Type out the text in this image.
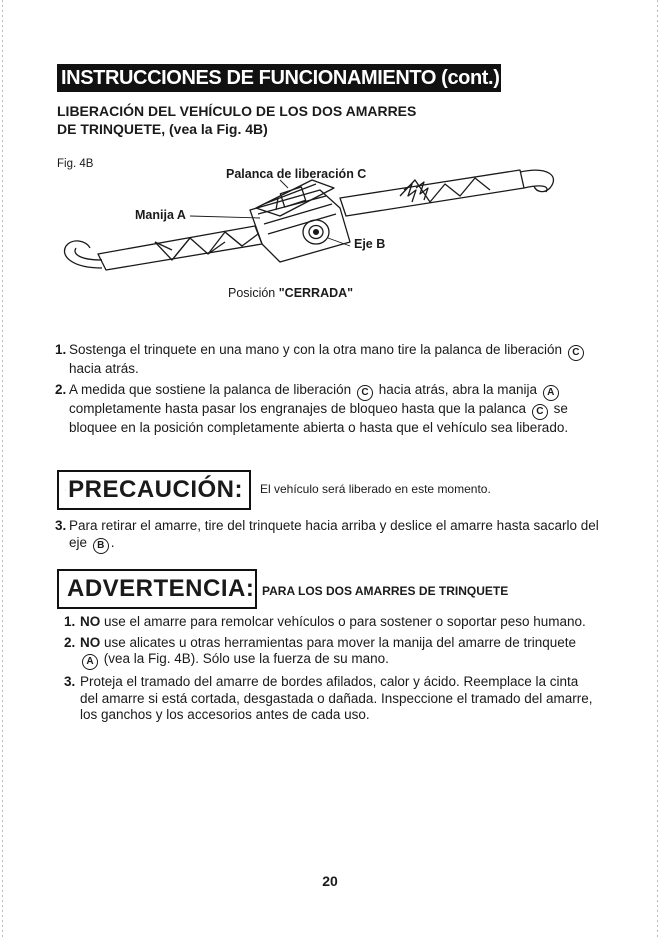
INSTRUCCIONES DE FUNCIONAMIENTO (cont.)
LIBERACIÓN DEL VEHÍCULO DE LOS DOS AMARRES
DE TRINQUETE, (vea la Fig. 4B)
Fig. 4B
Palanca de liberación C
Manija A
Eje B
Posición "CERRADA"
1. Sostenga el trinquete en una mano y con la otra mano tire la palanca de liberación C hacia atrás.
2. A medida que sostiene la palanca de liberación C hacia atrás, abra la manija A completamente hasta pasar los engranajes de bloqueo hasta que la palanca C se bloquee en la posición completamente abierta o hasta que el vehículo sea liberado.
PRECAUCIÓN: El vehículo será liberado en este momento.
3. Para retirar el amarre, tire del trinquete hacia arriba y deslice el amarre hasta sacarlo del eje B .
ADVERTENCIA: PARA LOS DOS AMARRES DE TRINQUETE
1. NO use el amarre para remolcar vehículos o para sostener o soportar peso humano.
2. NO use alicates u otras herramientas para mover la manija del amarre de trinquete A (vea la Fig. 4B). Sólo use la fuerza de su mano.
3. Proteja el tramado del amarre de bordes afilados, calor y ácido. Reemplace la cinta del amarre si está cortada, desgastada o dañada. Inspeccione el tramado del amarre, los ganchos y los accesorios antes de cada uso.
20
